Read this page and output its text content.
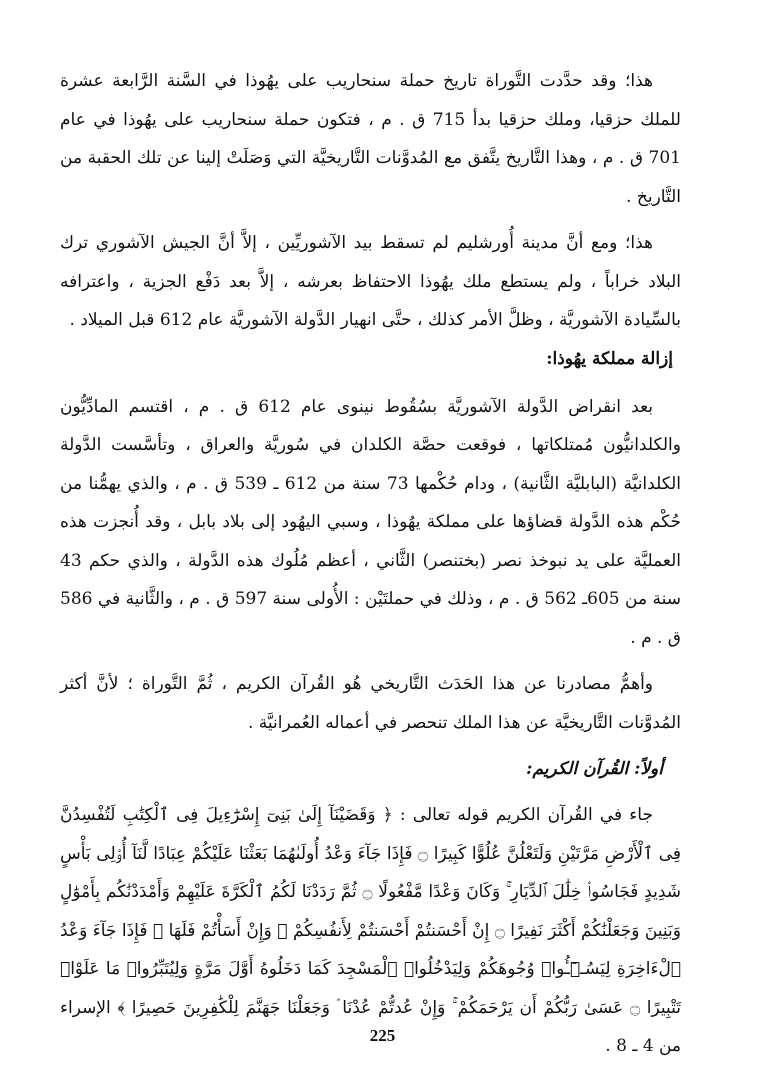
هذا؛ وقد حدَّدت التَّوراة تاريخ حملة سنحاريب على يهُوذا في السَّنة الرَّابعة عشرة للملك حزقيا، وملك حزقيا بدأ 715 ق . م ، فتكون حملة سنحاريب على يهُوذا في عام 701 ق . م ، وهذا التَّاريخ يتَّفق مع المُدوَّنات التَّاريخيَّة التي وَصَلَتْ إلينا عن تلك الحقبة من التَّاريخ .

هذا؛ ومع أنَّ مدينة أُورشليم لم تسقط بيد الآشوريِّين ، إلاَّ أنَّ الجيش الآشوري ترك البلاد خراباً ، ولم يستطع ملك يهُوذا الاحتفاظ بعرشه ، إلاَّ بعد دَفْع الجزية ، واعترافه بالسِّيادة الآشوريَّة ، وظلَّ الأمر كذلك ، حتَّى انهيار الدَّولة الآشوريَّة عام 612 قبل الميلاد .

إزالة مملكة يهُوذا:

بعد انقراض الدَّولة الآشوريَّة بسُقُوط نينوى عام 612 ق . م ، اقتسم المادِّيُّون والكلدانيُّون مُمتلكاتها ، فوقعت حصَّة الكلدان في سُوريَّة والعراق ، وتأسَّست الدَّولة الكلدانيَّة (البابليَّة الثَّانية) ، ودام حُكْمها 73 سنة من 612 ـ 539 ق . م ، والذي يهمُّنا من حُكْم هذه الدَّولة قضاؤها على مملكة يهُوذا ، وسبي اليهُود إلى بلاد بابل ، وقد أُنجزت هذه العمليَّة على يد نبوخذ نصر (بختنصر) الثَّاني ، أعظم مُلُوك هذه الدَّولة ، والذي حكم 43 سنة من 605ـ 562 ق . م ، وذلك في حملتَيْن : الأُولى سنة 597 ق . م ، والثَّانية في 586 ق . م .

وأهمُّ مصادرنا عن هذا الحَدَث التَّاريخي هُو القُرآن الكريم ، ثُمَّ التَّوراة ؛ لأنَّ أكثر المُدوَّنات التَّاريخيَّة عن هذا الملك تنحصر في أعماله العُمرانيَّة .

أولاً: القُرآن الكريم:

جاء في القُرآن الكريم قوله تعالى : ﴿ وَقَضَيْنَآ إِلَىٰ بَنِىٓ إِسْرَٰٓءِيلَ فِى ٱلْكِتَٰبِ لَتُفْسِدُنَّ فِى ٱلْأَرْضِ مَرَّتَيْنِ وَلَتَعْلُنَّ عُلُوًّا كَبِيرًا ۝ فَإِذَا جَآءَ وَعْدُ أُولَىٰهُمَا بَعَثْنَا عَلَيْكُمْ عِبَادًا لَّنَآ أُو۟لِى بَأْسٍ شَدِيدٍ فَجَاسُوا۟ خِلَٰلَ ٱلدِّيَارِ ۚ وَكَانَ وَعْدًا مَّفْعُولًا ۝ ثُمَّ رَدَدْنَا لَكُمُ ٱلْكَرَّةَ عَلَيْهِمْ وَأَمْدَدْنَٰكُم بِأَمْوَٰلٍ وَبَنِينَ وَجَعَلْنَٰكُمْ أَكْثَرَ نَفِيرًا ۝ إِنْ أَحْسَنتُمْ أَحْسَنتُمْ لِأَنفُسِكُمْ ۖ وَإِنْ أَسَأْتُمْ فَلَهَا ۚ فَإِذَا جَآءَ وَعْدُ ٱلْءَاخِرَةِ لِيَسُـۥٓـُٔوا۟ وُجُوهَكُمْ وَلِيَدْخُلُوا۟ ٱلْمَسْجِدَ كَمَا دَخَلُوهُ أَوَّلَ مَرَّةٍ وَلِيُتَبِّرُوا۟ مَا عَلَوْا۟ تَتْبِيرًا ۝ عَسَىٰ رَبُّكُمْ أَن يَرْحَمَكُمْ ۚ وَإِنْ عُدتُّمْ عُدْنَا ۘ وَجَعَلْنَا جَهَنَّمَ لِلْكَٰفِرِينَ حَصِيرًا ﴾ الإسراء من 4 ـ 8 .

225
